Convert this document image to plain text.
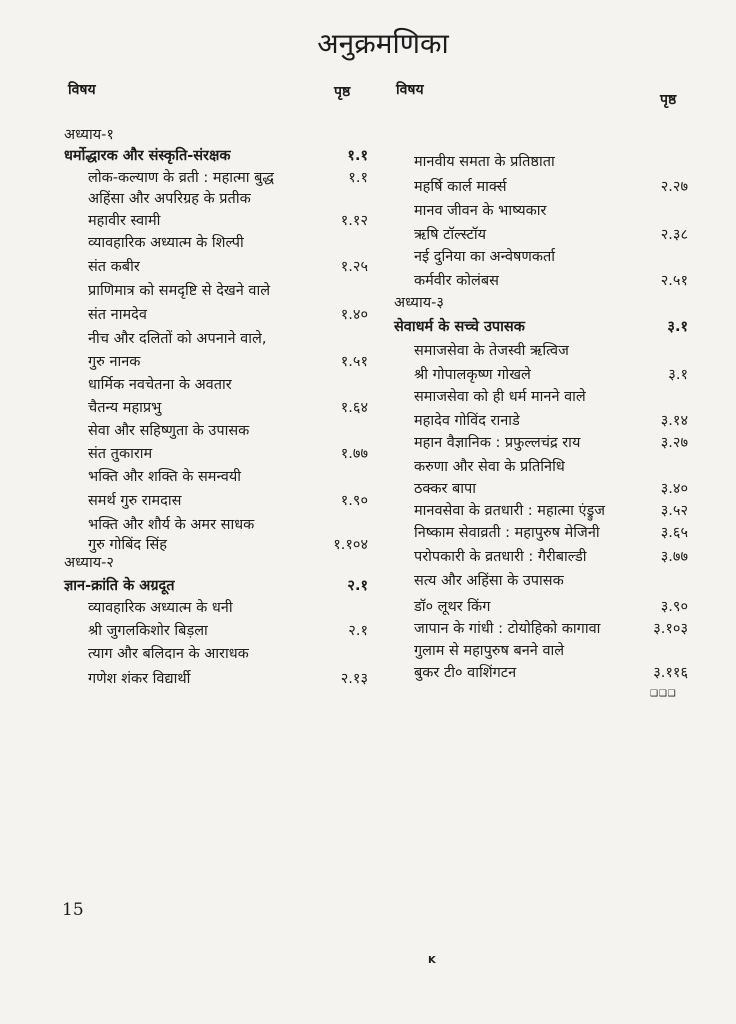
अनुक्रमणिका
विषय	पृष्ठ	विषय
पृष्ठ
अध्याय-१
धर्मोद्धारक और संस्कृति-संरक्षक	१.१
लोक-कल्याण के व्रती : महात्मा बुद्ध	१.१
अहिंसा और अपरिग्रह के प्रतीक
महावीर स्वामी	१.१२
व्यावहारिक अध्यात्म के शिल्पी
संत कबीर	१.२५
प्राणिमात्र को समदृष्टि से देखने वाले
संत नामदेव	१.४०
नीच और दलितों को अपनाने वाले,
गुरु नानक	१.५१
धार्मिक नवचेतना के अवतार
चैतन्य महाप्रभु	१.६४
सेवा और सहिष्णुता के उपासक
संत तुकाराम	१.७७
भक्ति और शक्ति के समन्वयी
समर्थ गुरु रामदास	१.९०
भक्ति और शौर्य के अमर साधक
गुरु गोबिंद सिंह	१.१०४
अध्याय-२
ज्ञान-क्रांति के अग्रदूत	२.१
व्यावहारिक अध्यात्म के धनी
श्री जुगलकिशोर बिड़ला	२.१
त्याग और बलिदान के आराधक
गणेश शंकर विद्यार्थी	२.१३
मानवीय समता के प्रतिष्ठाता
महर्षि कार्ल मार्क्स	२.२७
मानव जीवन के भाष्यकार
ऋषि टॉल्स्टॉय	२.३८
नई दुनिया का अन्वेषणकर्ता
कर्मवीर कोलंबस	२.५१
अध्याय-३
सेवाधर्म के सच्चे उपासक	३.१
समाजसेवा के तेजस्वी ऋत्विज
श्री गोपालकृष्ण गोखले	३.१
समाजसेवा को ही धर्म मानने वाले
महादेव गोविंद रानाडे	३.१४
महान वैज्ञानिक : प्रफुल्लचंद्र राय	३.२७
करुणा और सेवा के प्रतिनिधि
ठक्कर बापा	३.४०
मानवसेवा के व्रतधारी : महात्मा एंड्रुज	३.५२
निष्काम सेवाव्रती : महापुरुष मेजिनी	३.६५
परोपकारी के व्रतधारी : गैरीबाल्डी	३.७७
सत्य और अहिंसा के उपासक
डॉ० लूथर किंग	३.९०
जापान के गांधी : टोयोहिको कागावा	३.१०३
गुलाम से महापुरुष बनने वाले
बुकर टी० वाशिंगटन	३.११६
❑❑❑
15
K
